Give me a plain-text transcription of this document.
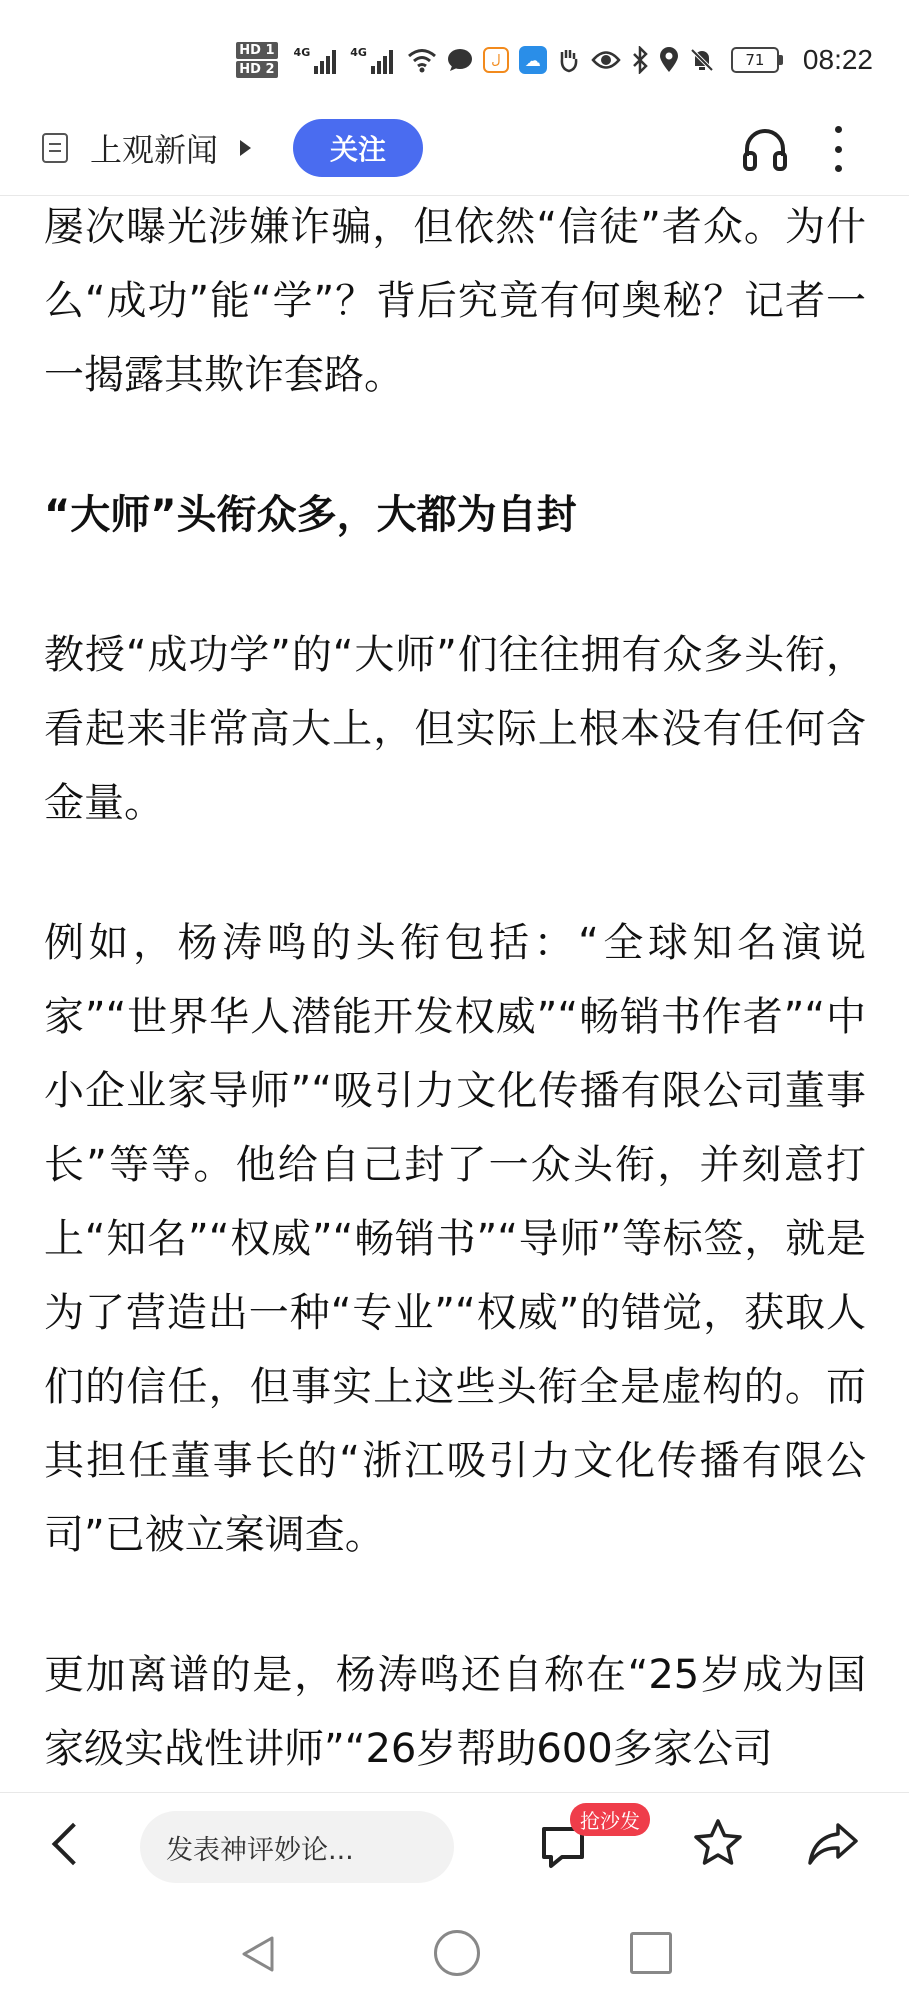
HD 1
HD 2
4G	4G	ل	☁	71	08:22
上观新闻	关注

屡次曝光涉嫌诈骗，但依然“信徒”者众。为什么“成功”能“学”？背后究竟有何奥秘？记者一一揭露其欺诈套路。

“大师”头衔众多，大都为自封

教授“成功学”的“大师”们往往拥有众多头衔，看起来非常高大上，但实际上根本没有任何含金量。

例如，杨涛鸣的头衔包括：“全球知名演说家”“世界华人潜能开发权威”“畅销书作者”“中小企业家导师”“吸引力文化传播有限公司董事长”等等。他给自己封了一众头衔，并刻意打上“知名”“权威”“畅销书”“导师”等标签，就是为了营造出一种“专业”“权威”的错觉，获取人们的信任，但事实上这些头衔全是虚构的。而其担任董事长的“浙江吸引力文化传播有限公司”已被立案调查。

更加离谱的是，杨涛鸣还自称在“25岁成为国家级实战性讲师”“26岁帮助600多家公司

发表神评妙论...
抢沙发
